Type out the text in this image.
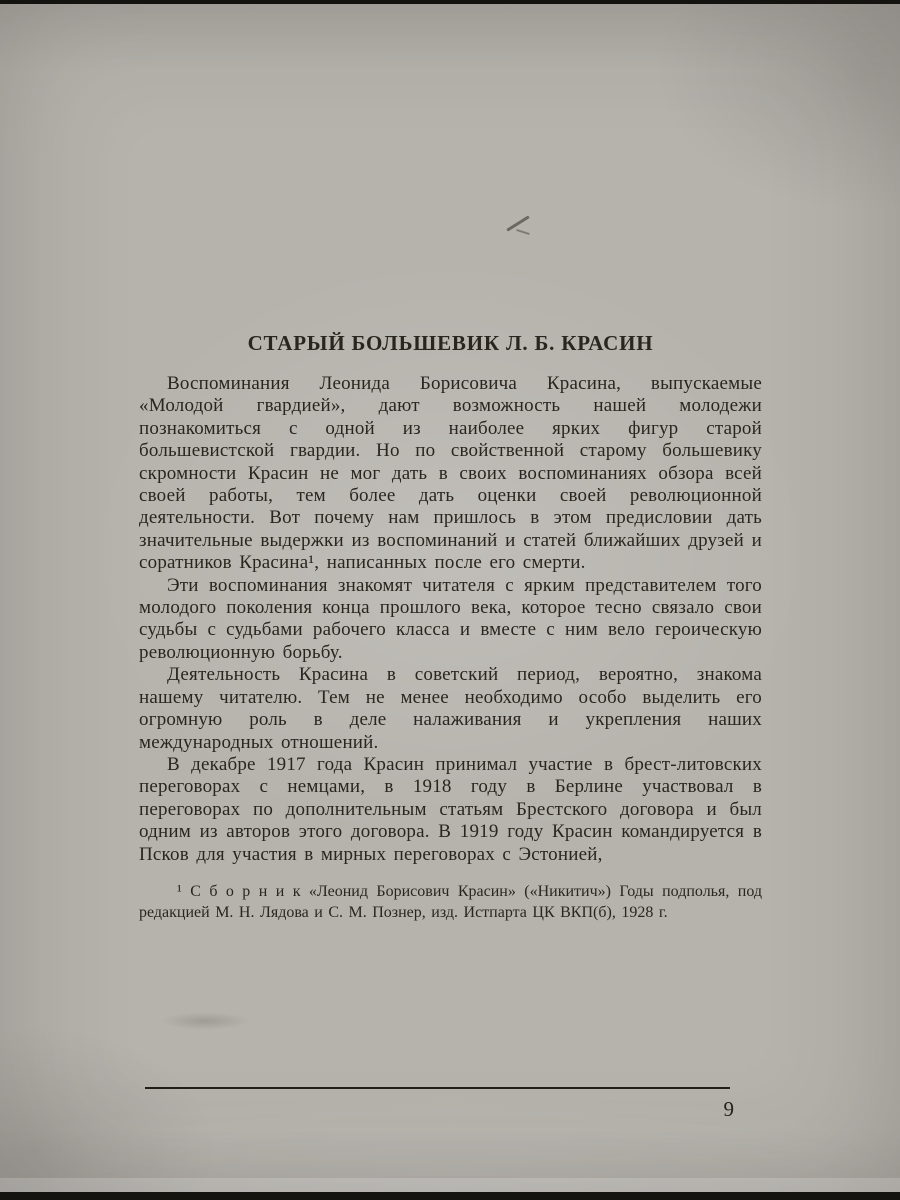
СТАРЫЙ БОЛЬШЕВИК Л. Б. КРАСИН

Воспоминания Леонида Борисовича Красина, выпускаемые «Молодой гвардией», дают возможность нашей молодежи познакомиться с одной из наиболее ярких фигур старой большевистской гвардии. Но по свойственной старому большевику скромности Красин не мог дать в своих воспоминаниях обзора всей своей работы, тем более дать оценки своей революционной деятельности. Вот почему нам пришлось в этом предисловии дать значительные выдержки из воспоминаний и статей ближайших друзей и соратников Красина¹, написанных после его смерти.

Эти воспоминания знакомят читателя с ярким представителем того молодого поколения конца прошлого века, которое тесно связало свои судьбы с судьбами рабочего класса и вместе с ним вело героическую революционную борьбу.

Деятельность Красина в советский период, вероятно, знакома нашему читателю. Тем не менее необходимо особо выделить его огромную роль в деле налаживания и укрепления наших международных отношений.

В декабре 1917 года Красин принимал участие в брест-литовских переговорах с немцами, в 1918 году в Берлине участвовал в переговорах по дополнительным статьям Брестского договора и был одним из авторов этого договора. В 1919 году Красин командируется в Псков для участия в мирных переговорах с Эстонией,

¹ С б о р н и к «Леонид Борисович Красин» («Никитич») Годы подполья, под редакцией М. Н. Лядова и С. М. Познер, изд. Истпарта ЦК ВКП(б), 1928 г.
9
